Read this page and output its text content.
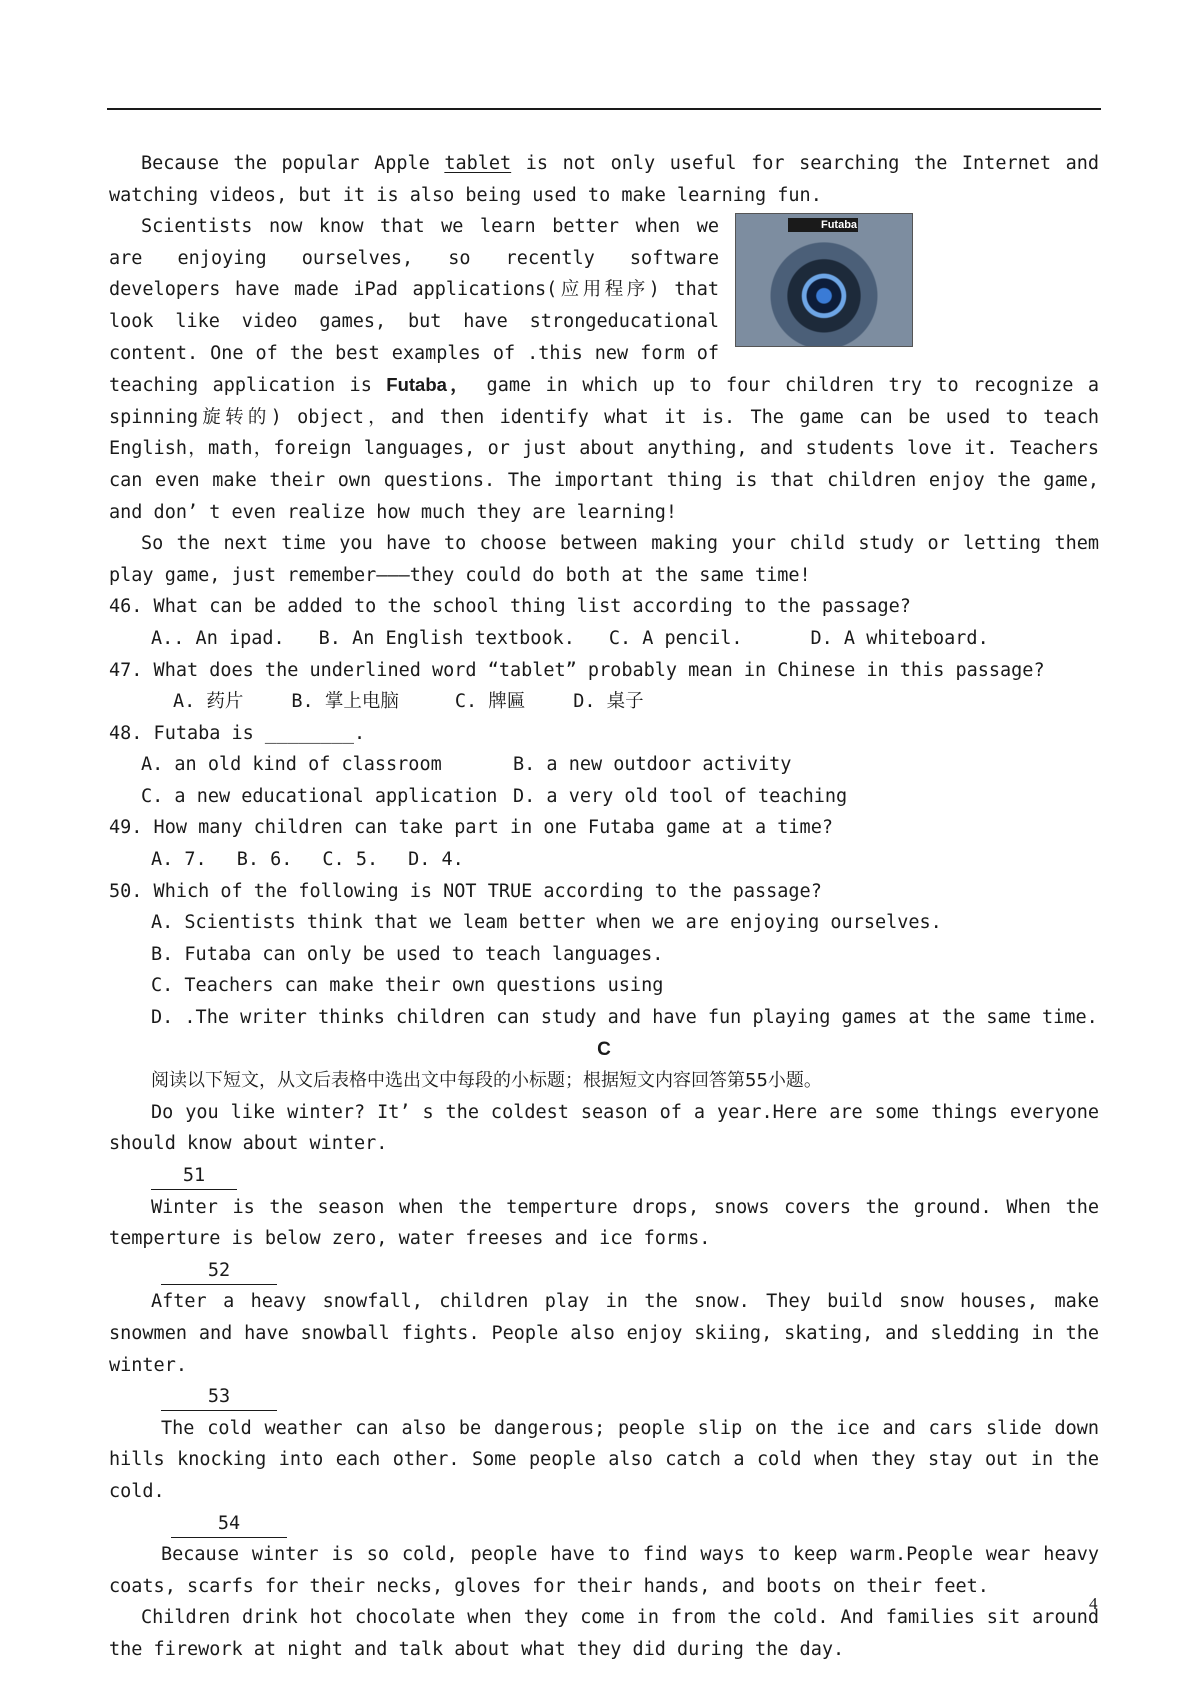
Because the popular Apple tablet is not only useful for searching the Internet and watching videos, but it is also being used to make learning fun.

Futaba
Scientists now know that we learn better when we are enjoying ourselves, so recently software developers have made iPad applications(应用程序) that look like video games, but have strongeducational content. One of the best examples of .this new form of teaching application is Futaba， game in which up to four children try to recognize a spinning旋转的) object，and then identify what it is. The game can be used to teach English，math，foreign languages, or just about anything, and students love it. Teachers can even make their own questions. The important thing is that children enjoy the game, and don’ t even realize how much they are learning!

So the next time you have to choose between making your child study or letting them play game, just remember———they could do both at the same time!

46. What can be added to the school thing list according to the passage?

A.. An ipad. B. An English textbook. C. A pencil.	D. A whiteboard.

47. What does the underlined word “tablet” probably mean in Chinese in this passage?

A. 药片	B. 掌上电脑	C. 牌匾	D. 桌子

48. Futaba is ________.

A. an old kind of classroom	B. a new outdoor activity

C. a new educational application D. a very old tool of teaching

49. How many children can take part in one Futaba game at a time?

A. 7. B. 6. C. 5. D. 4.

50. Which of the following is NOT TRUE according to the passage?

A. Scientists think that we leam better when we are enjoying ourselves.

B. Futaba can only be used to teach languages.

C. Teachers can make their own questions using

D. .The writer thinks children can study and have fun playing games at the same time.

C

阅读以下短文，从文后表格中选出文中每段的小标题；根据短文内容回答第55小题。

Do you like winter? It’ s the coldest season of a year.Here are some things everyone should know about winter.

51

Winter is the season when the temperture drops, snows covers the ground. When the temperture is below zero, water freeses and ice forms.

52

After a heavy snowfall, children play in the snow. They build snow houses, make snowmen and have snowball fights. People also enjoy skiing, skating, and sledding in the winter.

53

The cold weather can also be dangerous; people slip on the ice and cars slide down hills knocking into each other. Some people also catch a cold when they stay out in the cold.

54

Because winter is so cold, people have to find ways to keep warm.People wear heavy coats, scarfs for their necks, gloves for their hands, and boots on their feet.

Children drink hot chocolate when they come in from the cold. And families sit around the firework at night and talk about what they did during the day.

4
